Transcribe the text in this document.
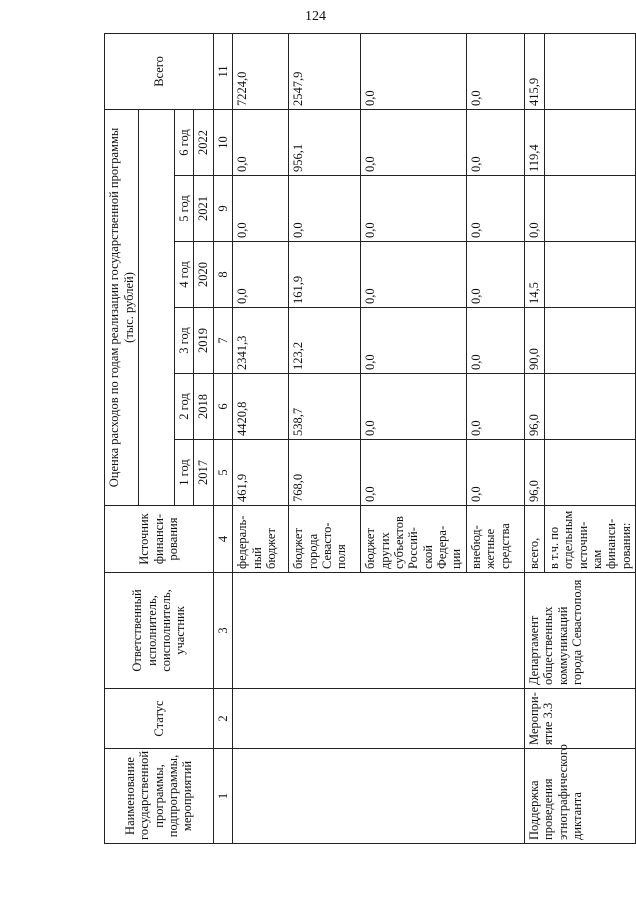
124
Наименование государственной программы, подпрограммы, мероприятий	Статус	Ответственный исполнитель, соисполнитель, участник	Источник финанси-рования	Оценка расходов по годам реализации государственной программы (тыс. рублей)						Всего

				1 год	2 год	3 год	4 год	5 год	6 год	
				2017	2018	2019	2020	2021	2022	
1	2	3	4	5	6	7	8	9	10	11
			федераль-ный бюджет	461,9	4420,8	2341,3	0,0	0,0	0,0	7224,0
			бюджет города Севасто-поля	768,0	538,7	123,2	161,9	0,0	956,1	2547,9
			бюджет других субъектов Россий-ской Федера-ции	0,0	0,0	0,0	0,0	0,0	0,0	0,0
			внебюд-жетные средства	0,0	0,0	0,0	0,0	0,0	0,0	0,0
Поддержка проведения этнографического диктанта	Меропри-ятие 3.3	Департамент общественных коммуникаций города Севастополя	всего,	96,0	96,0	90,0	14,5	0,0	119,4	415,9
			в т.ч. по отдельным источни-кам финанси-рования:							
